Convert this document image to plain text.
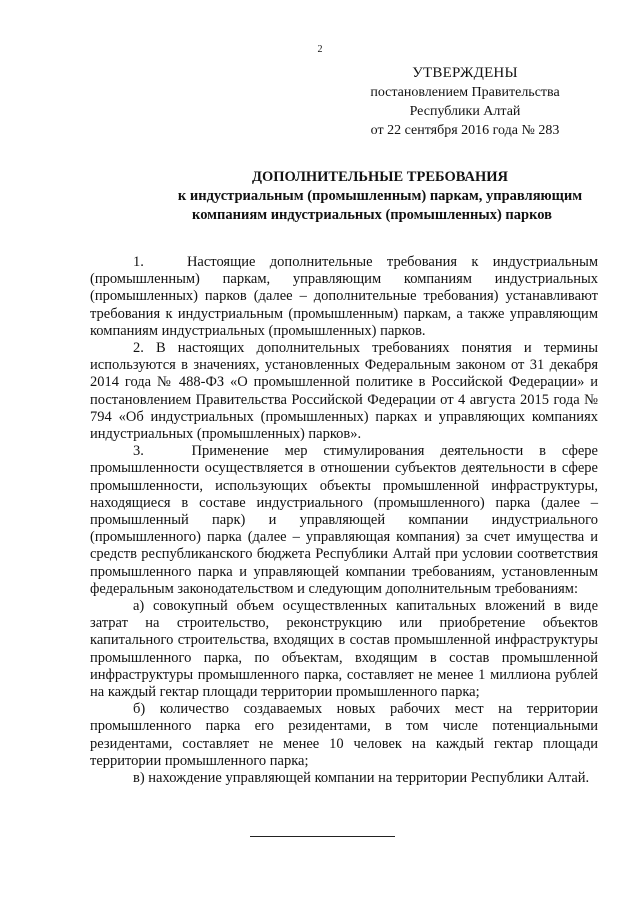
2
УТВЕРЖДЕНЫ
постановлением Правительства
Республики Алтай
от 22 сентября 2016 года № 283
ДОПОЛНИТЕЛЬНЫЕ ТРЕБОВАНИЯ
к индустриальным (промышленным) паркам, управляющим
компаниям индустриальных (промышленных) парков

1.   Настоящие дополнительные требования к индустриальным (промышленным) паркам, управляющим компаниям индустриальных (промышленных) парков (далее – дополнительные требования) устанавливают требования к индустриальным (промышленным) паркам, а также управляющим компаниям индустриальных (промышленных) парков.

2. В настоящих дополнительных требованиях понятия и термины используются в значениях, установленных Федеральным законом от 31 декабря 2014 года № 488-ФЗ «О промышленной политике в Российской Федерации» и постановлением Правительства Российской Федерации от 4 августа 2015 года № 794 «Об индустриальных (промышленных) парках и управляющих компаниях индустриальных (промышленных) парков».

3.   Применение мер стимулирования деятельности в сфере промышленности осуществляется в отношении субъектов деятельности в сфере промышленности, использующих объекты промышленной инфраструктуры, находящиеся в составе индустриального (промышленного) парка (далее – промышленный парк) и управляющей компании индустриального (промышленного) парка (далее – управляющая компания) за счет имущества и средств республиканского бюджета Республики Алтай при условии соответствия промышленного парка и управляющей компании требованиям, установленным федеральным законодательством и следующим дополнительным требованиям:

а) совокупный объем осуществленных капитальных вложений в виде затрат на строительство, реконструкцию или приобретение объектов капитального строительства, входящих в состав промышленной инфраструктуры промышленного парка, по объектам, входящим в состав промышленной инфраструктуры промышленного парка, составляет не менее 1 миллиона рублей на каждый гектар площади территории промышленного парка;

б) количество создаваемых новых рабочих мест на территории промышленного парка его резидентами, в том числе потенциальными резидентами, составляет не менее 10 человек на каждый гектар площади территории промышленного парка;

в) нахождение управляющей компании на территории Республики Алтай.
